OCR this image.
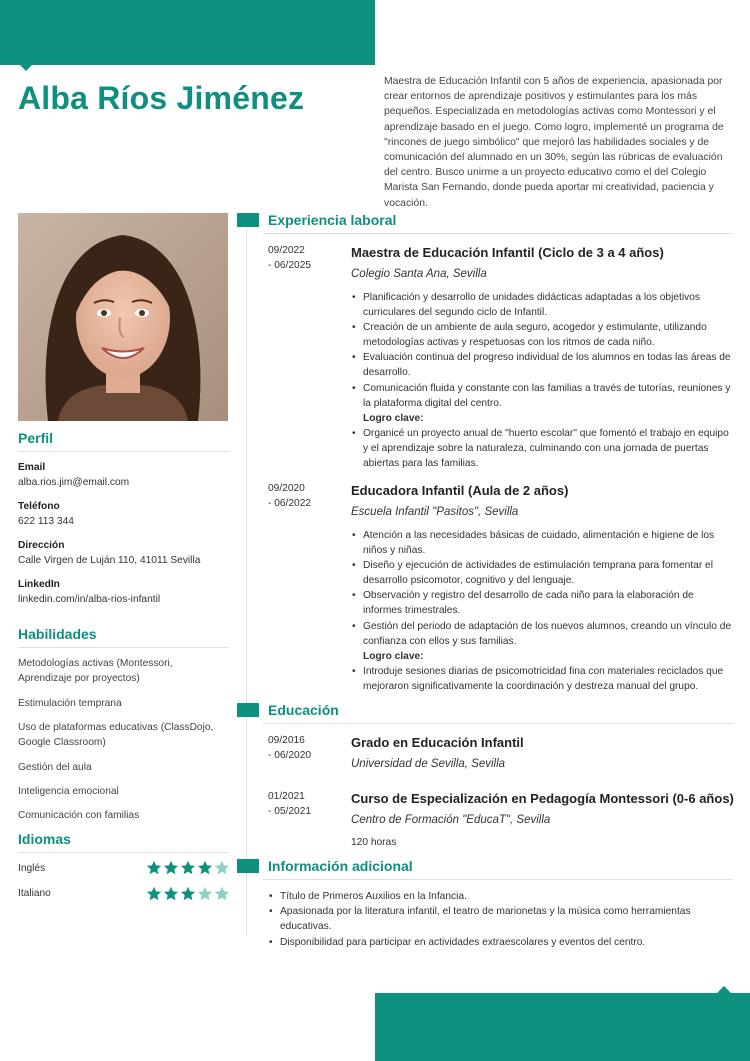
Alba Ríos Jiménez	Maestra de Educación Infantil con 5 años de experiencia, apasionada por crear entornos de aprendizaje positivos y estimulantes para los más pequeños. Especializada en metodologías activas como Montessori y el aprendizaje basado en el juego. Como logro, implementé un programa de "rincones de juego simbólico" que mejoró las habilidades sociales y de comunicación del alumnado en un 30%, según las rúbricas de evaluación del centro. Busco unirme a un proyecto educativo como el del Colegio Marista San Fernando, donde pueda aportar mi creatividad, paciencia y vocación.

Perfil
Email
alba.rios.jim@email.com
Teléfono
622 113 344
Dirección
Calle Virgen de Luján 110, 41011 Sevilla
LinkedIn
linkedin.com/in/alba-rios-infantil
Habilidades
Metodologías activas (Montessori, Aprendizaje por proyectos)
Estimulación temprana
Uso de plataformas educativas (ClassDojo, Google Classroom)
Gestión del aula
Inteligencia emocional
Comunicación con familias
Idiomas
Inglés
Italiano
Experiencia laboral
09/2022
- 06/2025
Maestra de Educación Infantil (Ciclo de 3 a 4 años)
Colegio Santa Ana, Sevilla
• Planificación y desarrollo de unidades didácticas adaptadas a los objetivos curriculares del segundo ciclo de Infantil.
• Creación de un ambiente de aula seguro, acogedor y estimulante, utilizando metodologías activas y respetuosas con los ritmos de cada niño.
• Evaluación continua del progreso individual de los alumnos en todas las áreas de desarrollo.
• Comunicación fluida y constante con las familias a través de tutorías, reuniones y la plataforma digital del centro.
Logro clave:
• Organicé un proyecto anual de "huerto escolar" que fomentó el trabajo en equipo y el aprendizaje sobre la naturaleza, culminando con una jornada de puertas abiertas para las familias.
09/2020
- 06/2022
Educadora Infantil (Aula de 2 años)
Escuela Infantil "Pasitos", Sevilla
• Atención a las necesidades básicas de cuidado, alimentación e higiene de los niños y niñas.
• Diseño y ejecución de actividades de estimulación temprana para fomentar el desarrollo psicomotor, cognitivo y del lenguaje.
• Observación y registro del desarrollo de cada niño para la elaboración de informes trimestrales.
• Gestión del periodo de adaptación de los nuevos alumnos, creando un vínculo de confianza con ellos y sus familias.
Logro clave:
• Introduje sesiones diarias de psicomotricidad fina con materiales reciclados que mejoraron significativamente la coordinación y destreza manual del grupo.
Educación
09/2016
- 06/2020
Grado en Educación Infantil
Universidad de Sevilla, Sevilla
01/2021
- 05/2021
Curso de Especialización en Pedagogía Montessori (0-6 años)
Centro de Formación "EducaT", Sevilla
120 horas
Información adicional
• Título de Primeros Auxilios en la Infancia.
• Apasionada por la literatura infantil, el teatro de marionetas y la música como herramientas educativas.
• Disponibilidad para participar en actividades extraescolares y eventos del centro.
